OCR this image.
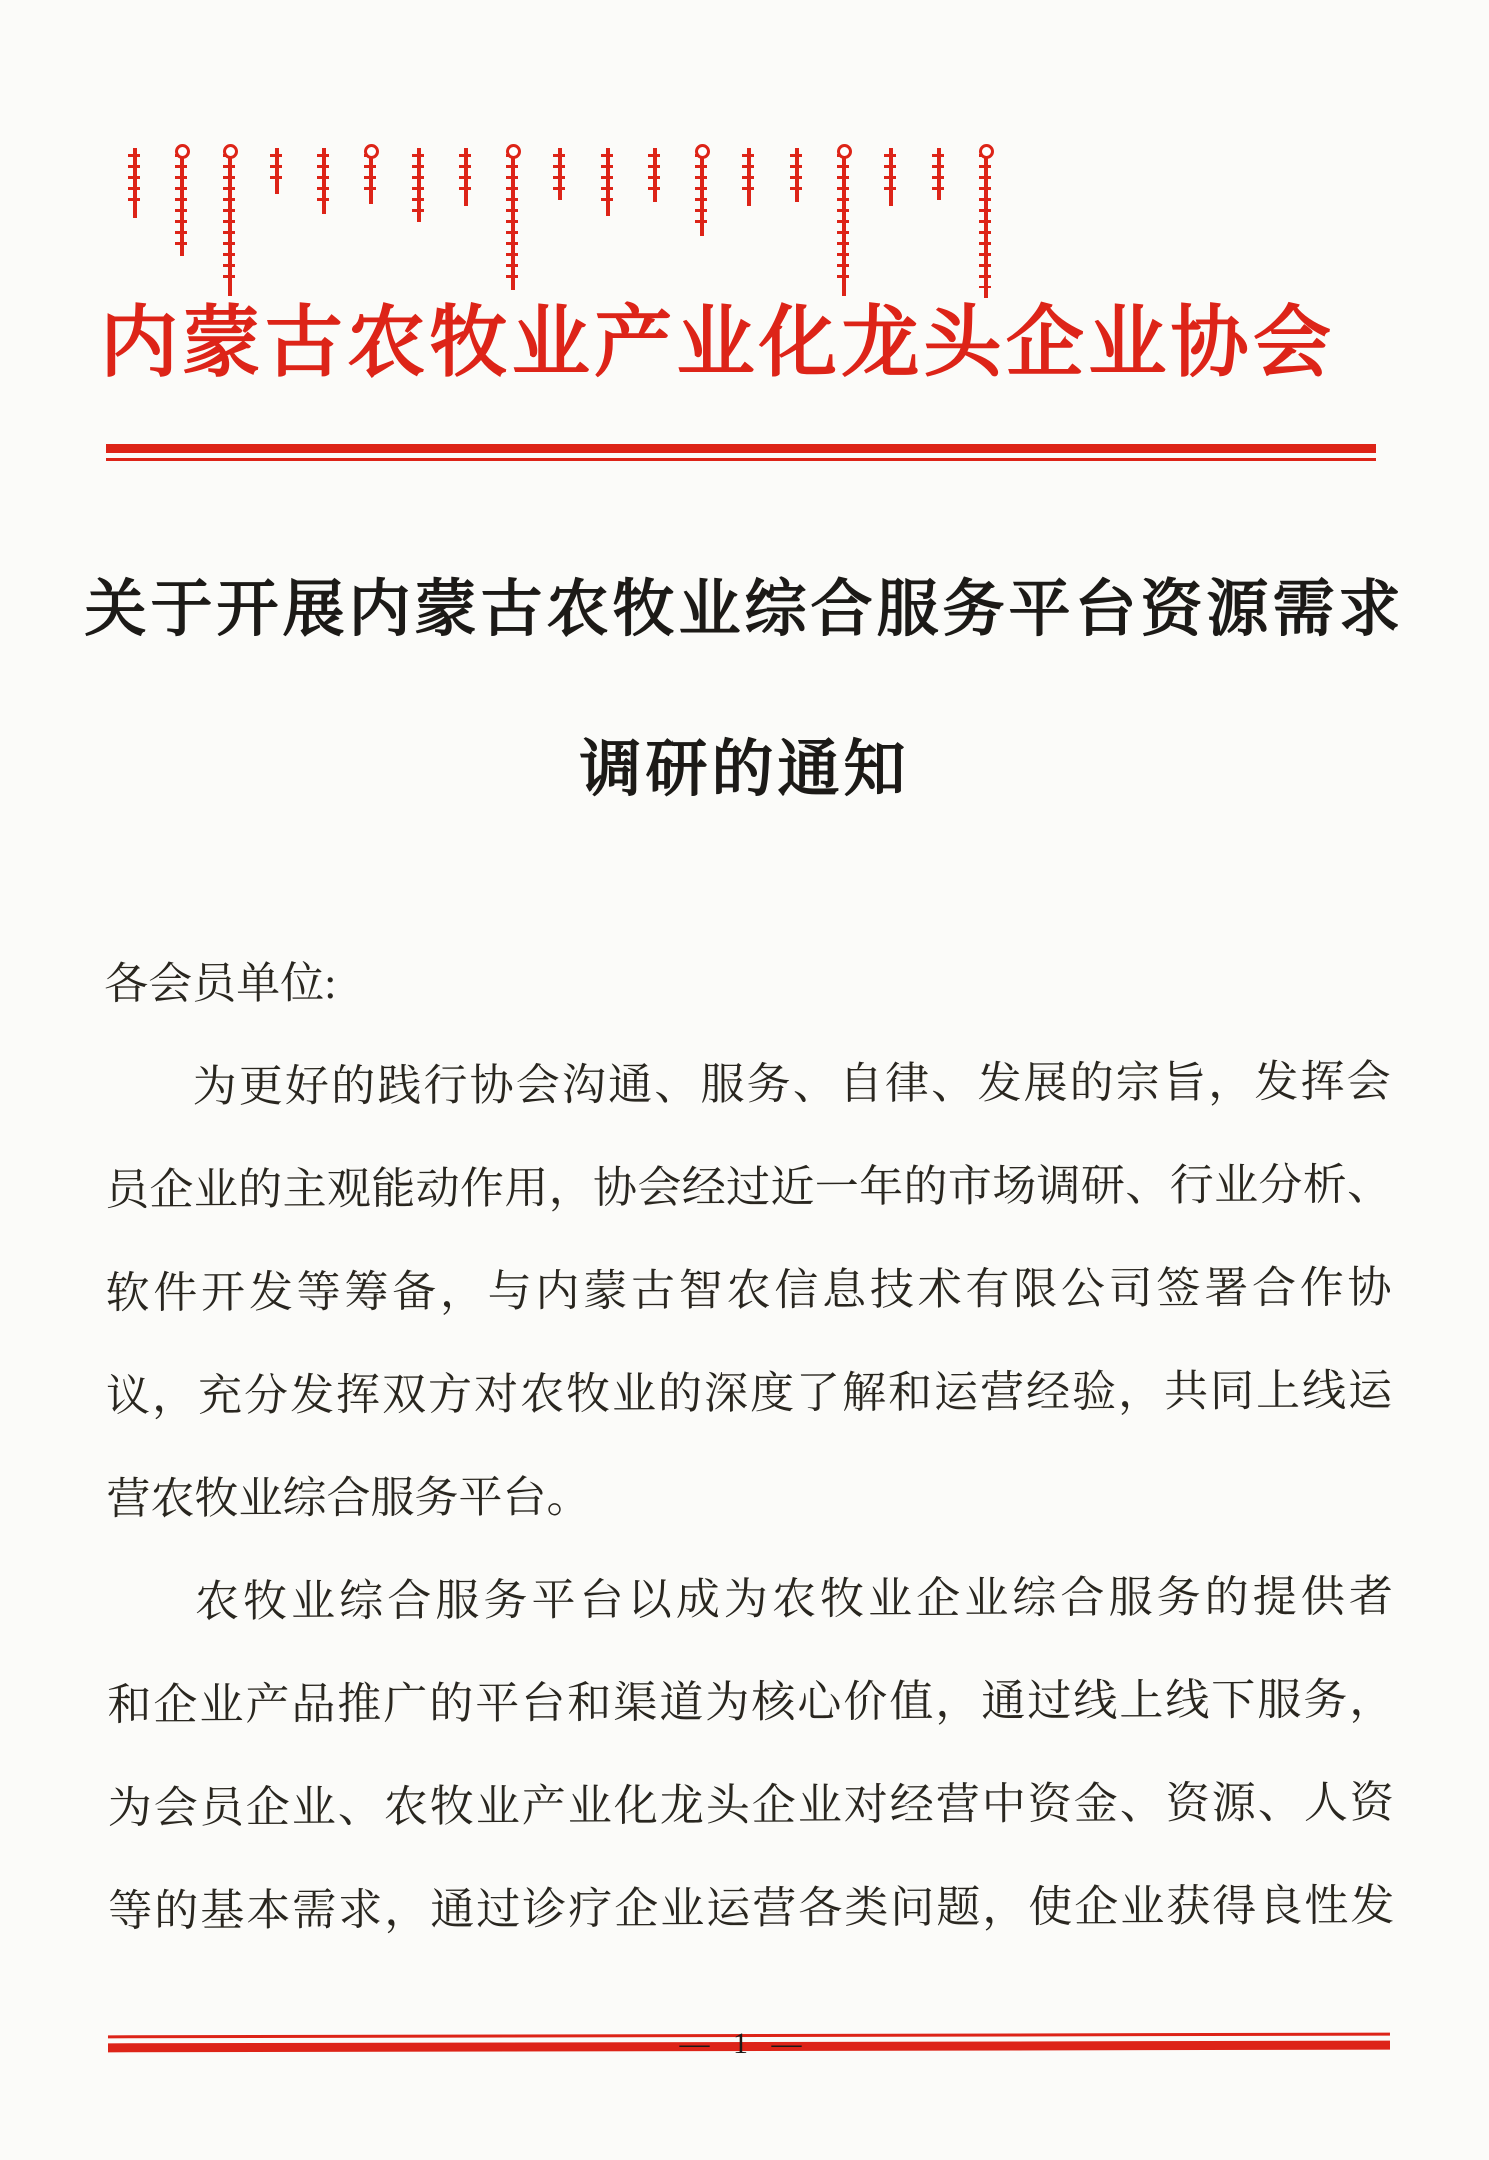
内蒙古农牧业产业化龙头企业协会
关于开展内蒙古农牧业综合服务平台资源需求
调研的通知
各会员单位:
为更好的践行协会沟通、服务、自律、发展的宗旨，发挥会
员企业的主观能动作用，协会经过近一年的市场调研、行业分析、
软件开发等筹备，与内蒙古智农信息技术有限公司签署合作协
议，充分发挥双方对农牧业的深度了解和运营经验，共同上线运
营农牧业综合服务平台。
农牧业综合服务平台以成为农牧业企业综合服务的提供者
和企业产品推广的平台和渠道为核心价值，通过线上线下服务，
为会员企业、农牧业产业化龙头企业对经营中资金、资源、人资
等的基本需求，通过诊疗企业运营各类问题，使企业获得良性发
— 1 —
